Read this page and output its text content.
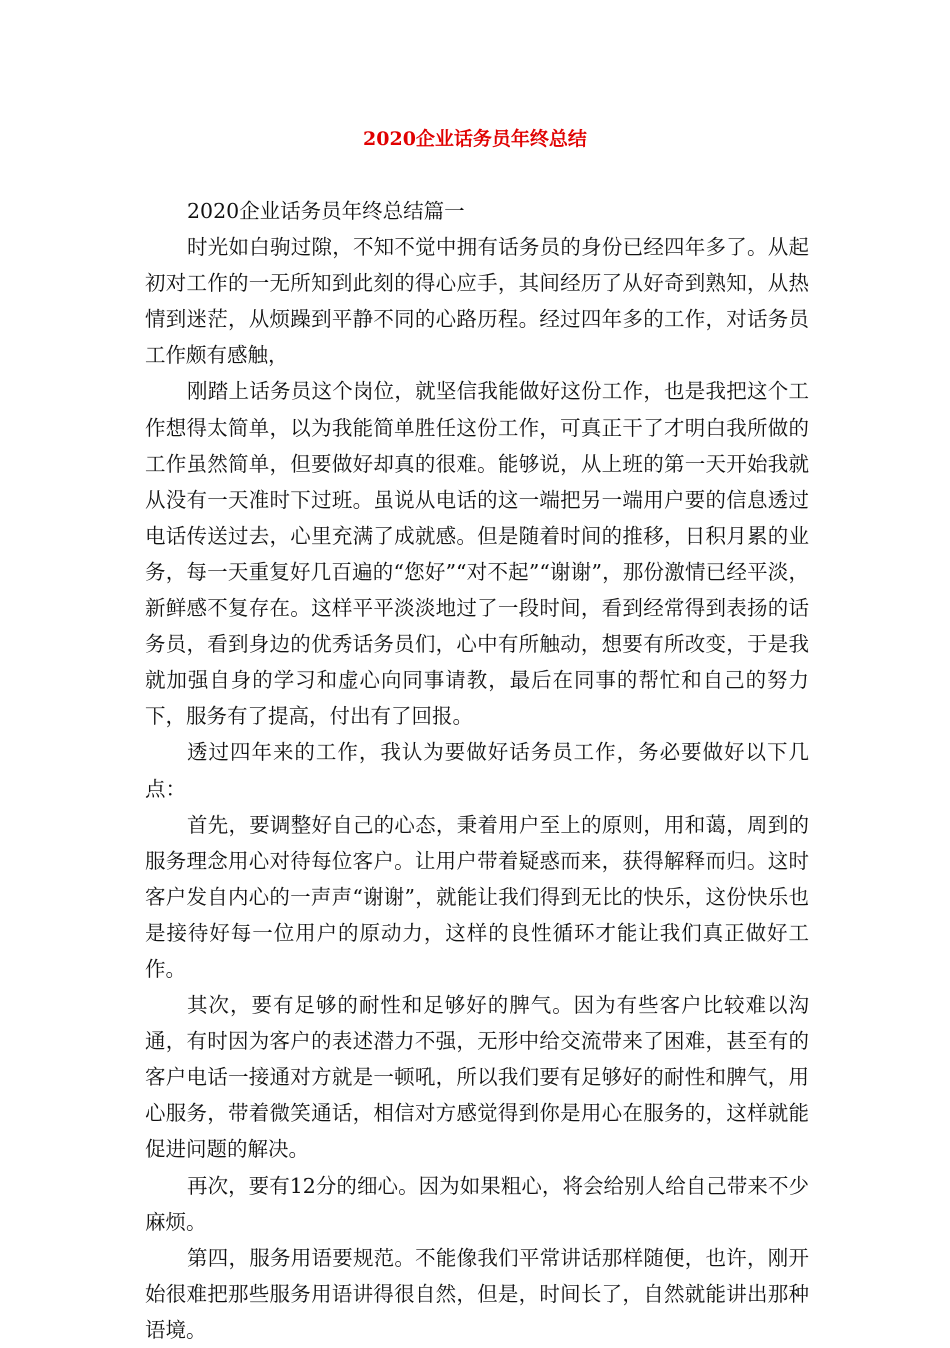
2020企业话务员年终总结

2020企业话务员年终总结篇一

时光如白驹过隙，不知不觉中拥有话务员的身份已经四年多了。从起初对工作的一无所知到此刻的得心应手，其间经历了从好奇到熟知，从热情到迷茫，从烦躁到平静不同的心路历程。经过四年多的工作，对话务员工作颇有感触，

刚踏上话务员这个岗位，就坚信我能做好这份工作，也是我把这个工作想得太简单，以为我能简单胜任这份工作，可真正干了才明白我所做的工作虽然简单，但要做好却真的很难。能够说，从上班的第一天开始我就从没有一天准时下过班。虽说从电话的这一端把另一端用户要的信息透过电话传送过去，心里充满了成就感。但是随着时间的推移，日积月累的业务，每一天重复好几百遍的“您好”“对不起”“谢谢”，那份激情已经平淡，新鲜感不复存在。这样平平淡淡地过了一段时间，看到经常得到表扬的话务员，看到身边的优秀话务员们，心中有所触动，想要有所改变，于是我就加强自身的学习和虚心向同事请教，最后在同事的帮忙和自己的努力下，服务有了提高，付出有了回报。

透过四年来的工作，我认为要做好话务员工作，务必要做好以下几点：

首先，要调整好自己的心态，秉着用户至上的原则，用和蔼，周到的服务理念用心对待每位客户。让用户带着疑惑而来，获得解释而归。这时客户发自内心的一声声“谢谢”，就能让我们得到无比的快乐，这份快乐也是接待好每一位用户的原动力，这样的良性循环才能让我们真正做好工作。

其次，要有足够的耐性和足够好的脾气。因为有些客户比较难以沟通，有时因为客户的表述潜力不强，无形中给交流带来了困难，甚至有的客户电话一接通对方就是一顿吼，所以我们要有足够好的耐性和脾气，用心服务，带着微笑通话，相信对方感觉得到你是用心在服务的，这样就能促进问题的解决。

再次，要有12分的细心。因为如果粗心，将会给别人给自己带来不少麻烦。

第四，服务用语要规范。不能像我们平常讲话那样随便，也许，刚开始很难把那些服务用语讲得很自然，但是，时间长了，自然就能讲出那种语境。
